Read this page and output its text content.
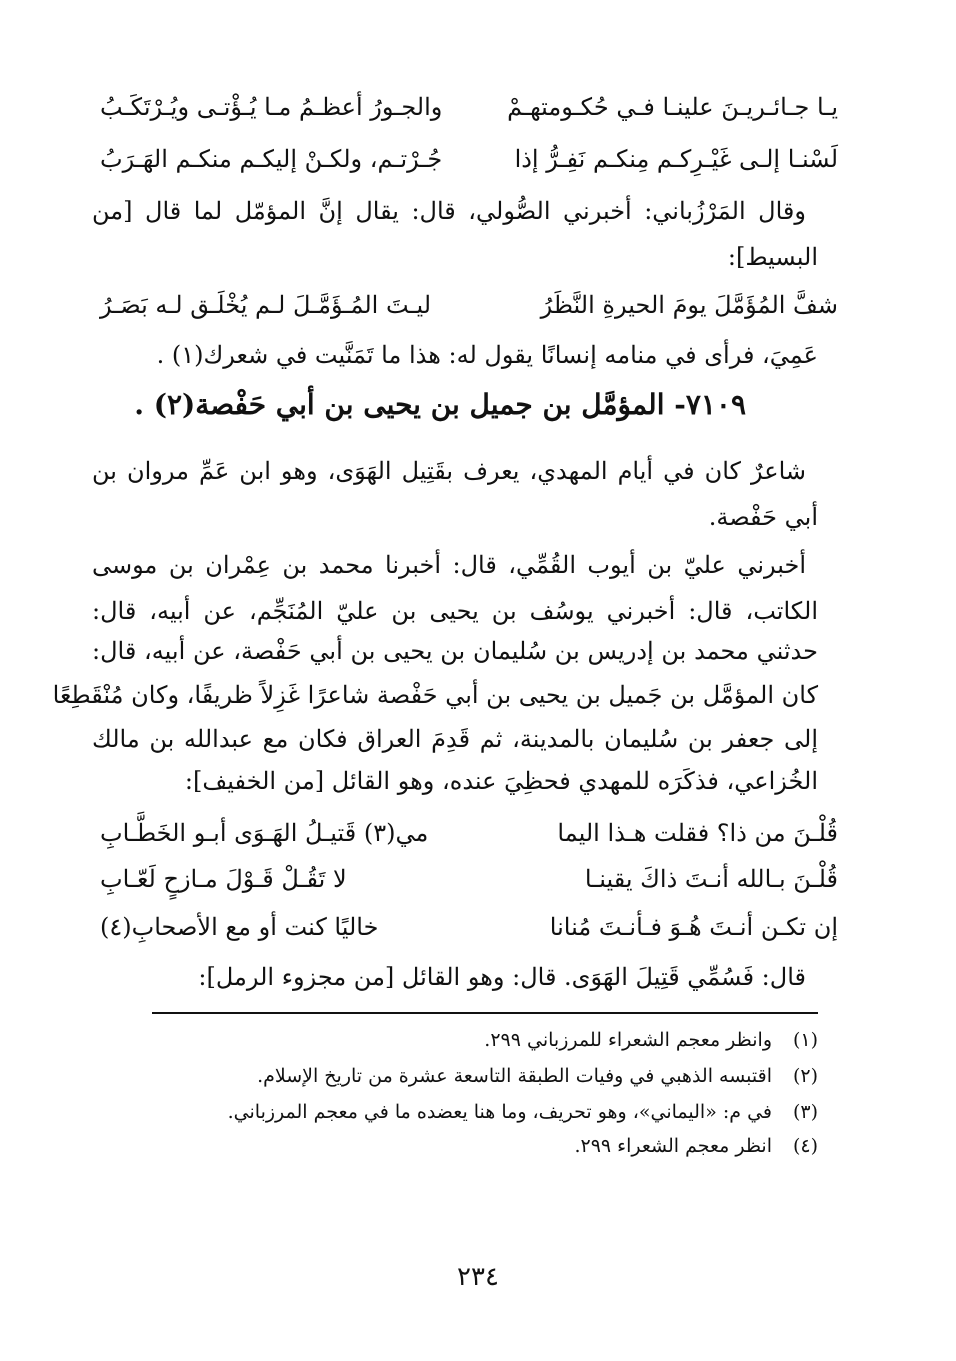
يـا جـائـريـنَ علينـا فـي حُكـومتهـمْ
والجـورُ أعظـمُ مـا يُـؤْتـى ويُـرْتَكَـبُ
لَسْنـا إلـى غَيْـرِكـم مِنكـم نَفِـرُّ إذا
جُـرْتـم، ولكـنْ إليكـم منكـم الهَـرَبُ
وقال المَرْزُباني: أخبرني الصُّولي، قال: يقال إنَّ المؤمّل لما قال [من
البسيط]:
شفَّ المُؤَمَّلَ يومَ الحيرةِ النَّظَرُ
ليـتَ المُـؤَمَّـلَ لـم يُخْلَـق لـه بَصَـرُ
عَمِيَ، فرأى في منامه إنسانًا يقول له: هذا ما تَمَنَّيت في شعرك(١) .
٧١٠٩- المؤمَّل بن جميل بن يحيى بن أبي حَفْصة(٢) .
شاعرٌ كان في أيام المهدي، يعرف بقَتِيل الهَوَى، وهو ابن عَمِّ مروان بن
أبي حَفْصة.
أخبرني عليّ بن أيوب القُمِّي، قال: أخبرنا محمد بن عِمْران بن موسى
الكاتب، قال: أخبرني يوسُف بن يحيى بن عليّ المُنَجِّم، عن أبيه، قال:
حدثني محمد بن إدريس بن سُليمان بن يحيى بن أبي حَفْصة، عن أبيه، قال:
كان المؤمَّل بن جَميل بن يحيى بن أبي حَفْصة شاعرًا غَزِلاً ظريفًا، وكان مُنْقَطِعًا
إلى جعفر بن سُليمان بالمدينة، ثم قَدِمَ العراق فكان مع عبدالله بن مالك
الخُزاعي، فذكَرَه للمهدي فحظِيَ عنده، وهو القائل [من الخفيف]:
قُلْـنَ من ذا؟ فقلت هـذا اليما
مي(٣) قَتيـلُ الهَـوَى أبـو الخَطَّـابِ
قُلْـنَ بـالله أنـتَ ذاكَ يقينـا
لا تَقُـلْ قَـوْلَ مـازحٍ لَعّـابِ
إن تكـن أنـتَ هُـوَ فـأنـتَ مُنانا
خاليًا كنت أو مع الأصحابِ(٤)
قال: فَسُمِّي قَتِيلَ الهَوَى. قال: وهو القائل [من مجزوء الرمل]:
(١)وانظر معجم الشعراء للمرزباني ٢٩٩.
(٢)اقتبسه الذهبي في وفيات الطبقة التاسعة عشرة من تاريخ الإسلام.
(٣)في م: «اليماني»، وهو تحريف، وما هنا يعضده ما في معجم المرزباني.
(٤)انظر معجم الشعراء ٢٩٩.
٢٣٤
